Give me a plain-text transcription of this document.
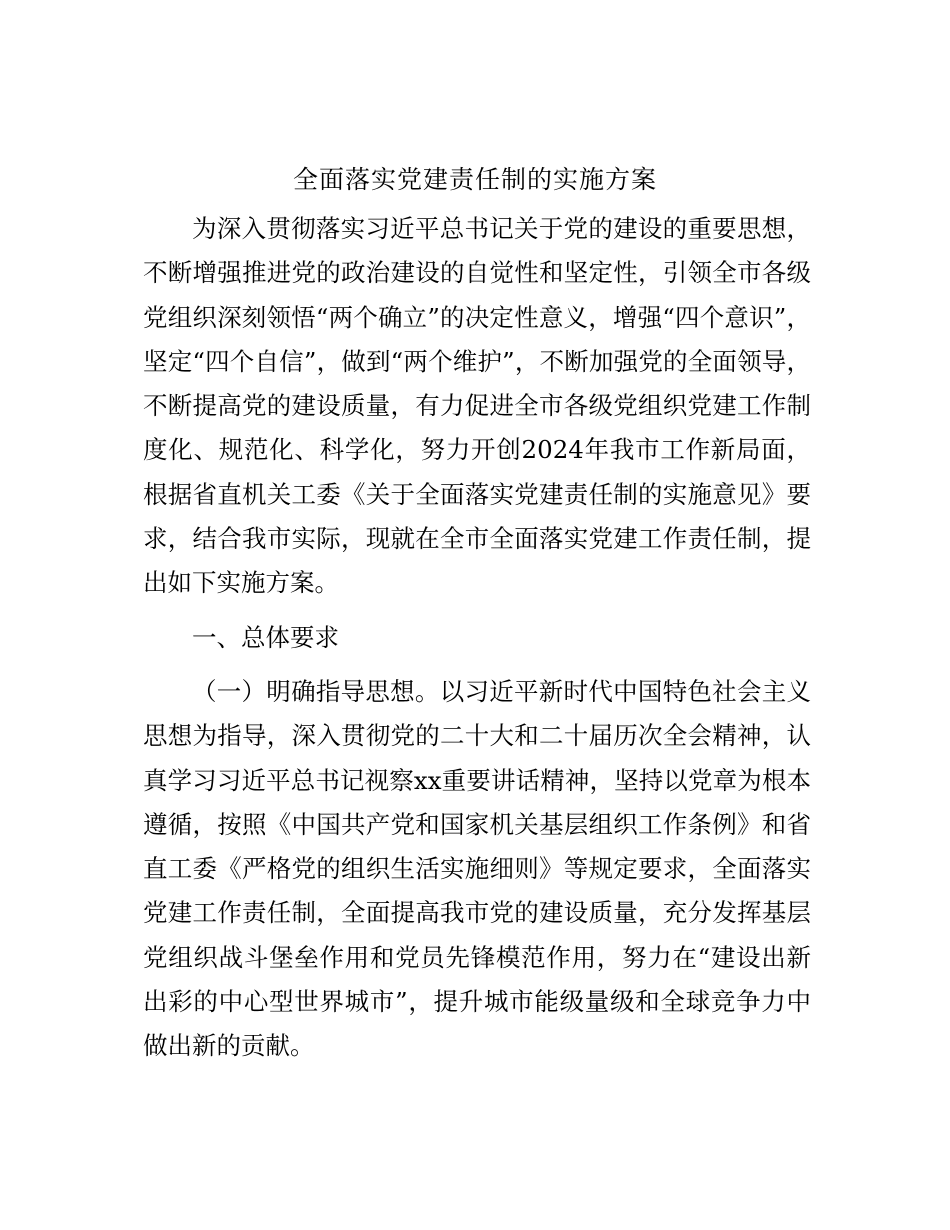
全面落实党建责任制的实施方案

为深入贯彻落实习近平总书记关于党的建设的重要思想，不断增强推进党的政治建设的自觉性和坚定性，引领全市各级党组织深刻领悟“两个确立”的决定性意义，增强“四个意识”，坚定“四个自信”，做到“两个维护”，不断加强党的全面领导，不断提高党的建设质量，有力促进全市各级党组织党建工作制度化、规范化、科学化，努力开创2024年我市工作新局面，根据省直机关工委《关于全面落实党建责任制的实施意见》要求，结合我市实际，现就在全市全面落实党建工作责任制，提出如下实施方案。

一、总体要求

（一）明确指导思想。以习近平新时代中国特色社会主义思想为指导，深入贯彻党的二十大和二十届历次全会精神，认真学习习近平总书记视察xx重要讲话精神，坚持以党章为根本遵循，按照《中国共产党和国家机关基层组织工作条例》和省直工委《严格党的组织生活实施细则》等规定要求，全面落实党建工作责任制，全面提高我市党的建设质量，充分发挥基层党组织战斗堡垒作用和党员先锋模范作用，努力在“建设出新出彩的中心型世界城市”，提升城市能级量级和全球竞争力中做出新的贡献。
